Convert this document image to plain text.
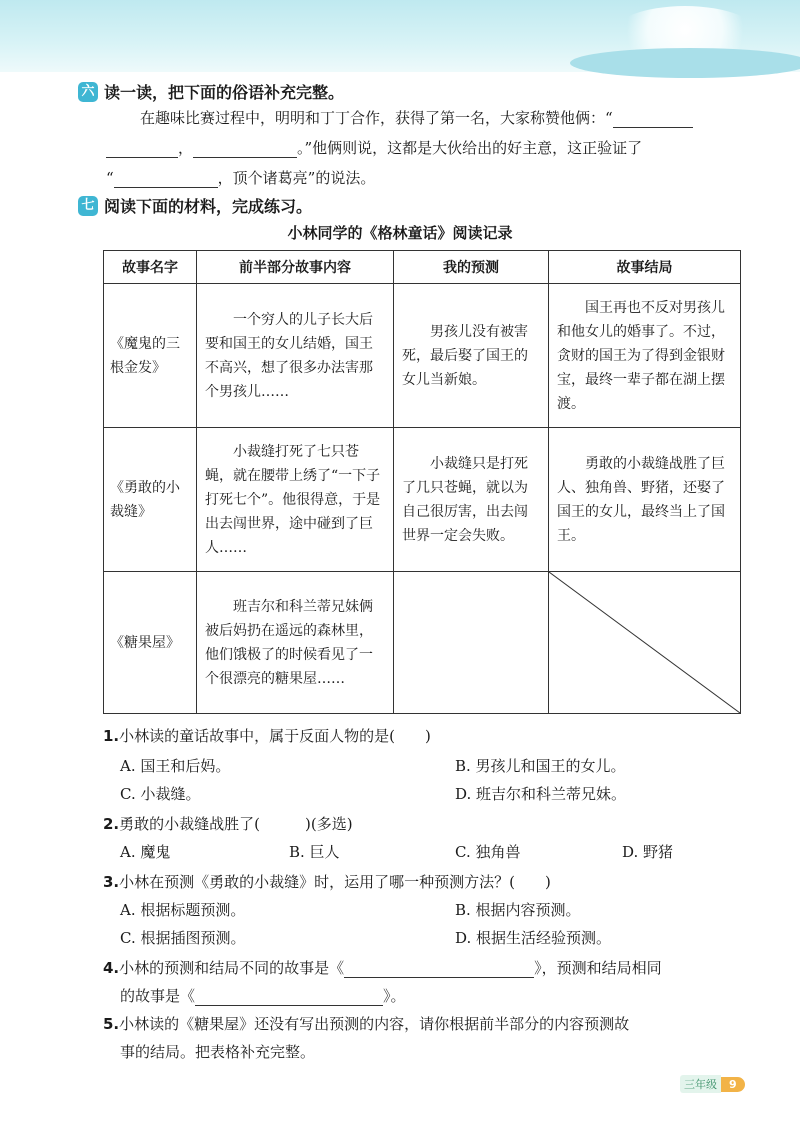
六 读一读，把下面的俗语补充完整。
在趣味比赛过程中，明明和丁丁合作，获得了第一名，大家称赞他俩：“
，	。”他俩则说，这都是大伙给出的好主意，这正验证了
“	，顶个诸葛亮”的说法。
七 阅读下面的材料，完成练习。
小林同学的《格林童话》阅读记录
故事名字	前半部分故事内容	我的预测	故事结局
《魔鬼的三根金发》	一个穷人的儿子长大后要和国王的女儿结婚，国王不高兴，想了很多办法害那个男孩儿……	男孩儿没有被害死，最后娶了国王的女儿当新娘。	国王再也不反对男孩儿和他女儿的婚事了。不过，贪财的国王为了得到金银财宝，最终一辈子都在湖上摆渡。
《勇敢的小裁缝》	小裁缝打死了七只苍蝇，就在腰带上绣了“一下子打死七个”。他很得意，于是出去闯世界，途中碰到了巨人……	小裁缝只是打死了几只苍蝇，就以为自己很厉害，出去闯世界一定会失败。	勇敢的小裁缝战胜了巨人、独角兽、野猪，还娶了国王的女儿，最终当上了国王。
《糖果屋》	班吉尔和科兰蒂兄妹俩被后妈扔在遥远的森林里，他们饿极了的时候看见了一个很漂亮的糖果屋……		
1.小林读的童话故事中，属于反面人物的是(　　)
A. 国王和后妈。	B. 男孩儿和国王的女儿。
C. 小裁缝。	D. 班吉尔和科兰蒂兄妹。
2.勇敢的小裁缝战胜了(　　　)(多选)
A. 魔鬼	B. 巨人	C. 独角兽	D. 野猪
3.小林在预测《勇敢的小裁缝》时，运用了哪一种预测方法？(　　)
A. 根据标题预测。	B. 根据内容预测。
C. 根据插图预测。	D. 根据生活经验预测。
4.小林的预测和结局不同的故事是《	》，预测和结局相同
的故事是《	》。
5.小林读的《糖果屋》还没有写出预测的内容，请你根据前半部分的内容预测故
事的结局。把表格补充完整。
三年级	9
